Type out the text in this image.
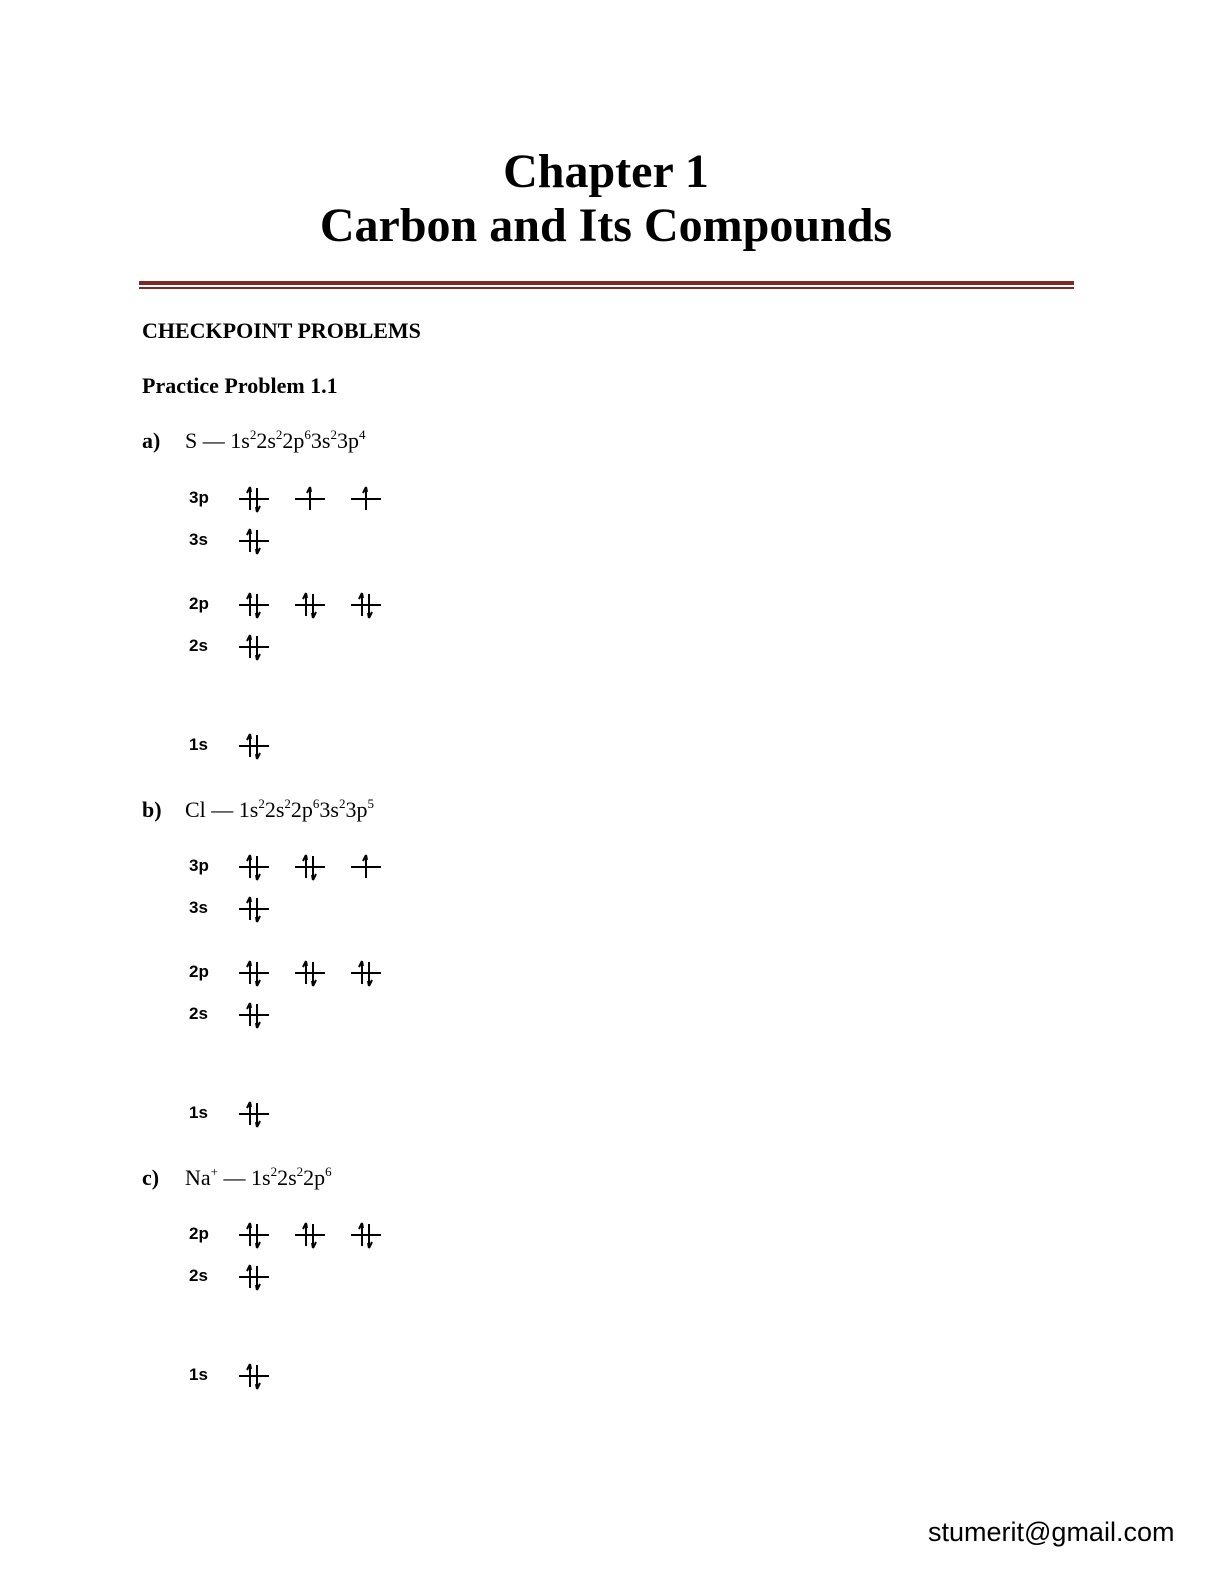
Chapter 1
Carbon and Its Compounds
CHECKPOINT PROBLEMS
Practice Problem 1.1
a) S — $1s^22s^22p^63s^23p^4$
b) Cl — $1s^22s^22p^63s^23p^5$
c) Na+ — $1s^22s^22p^6$
3p
3s
2p
2s
1s
3p
3s
2p
2s
1s
2p
2s
1s
stumerit@gmail.com
